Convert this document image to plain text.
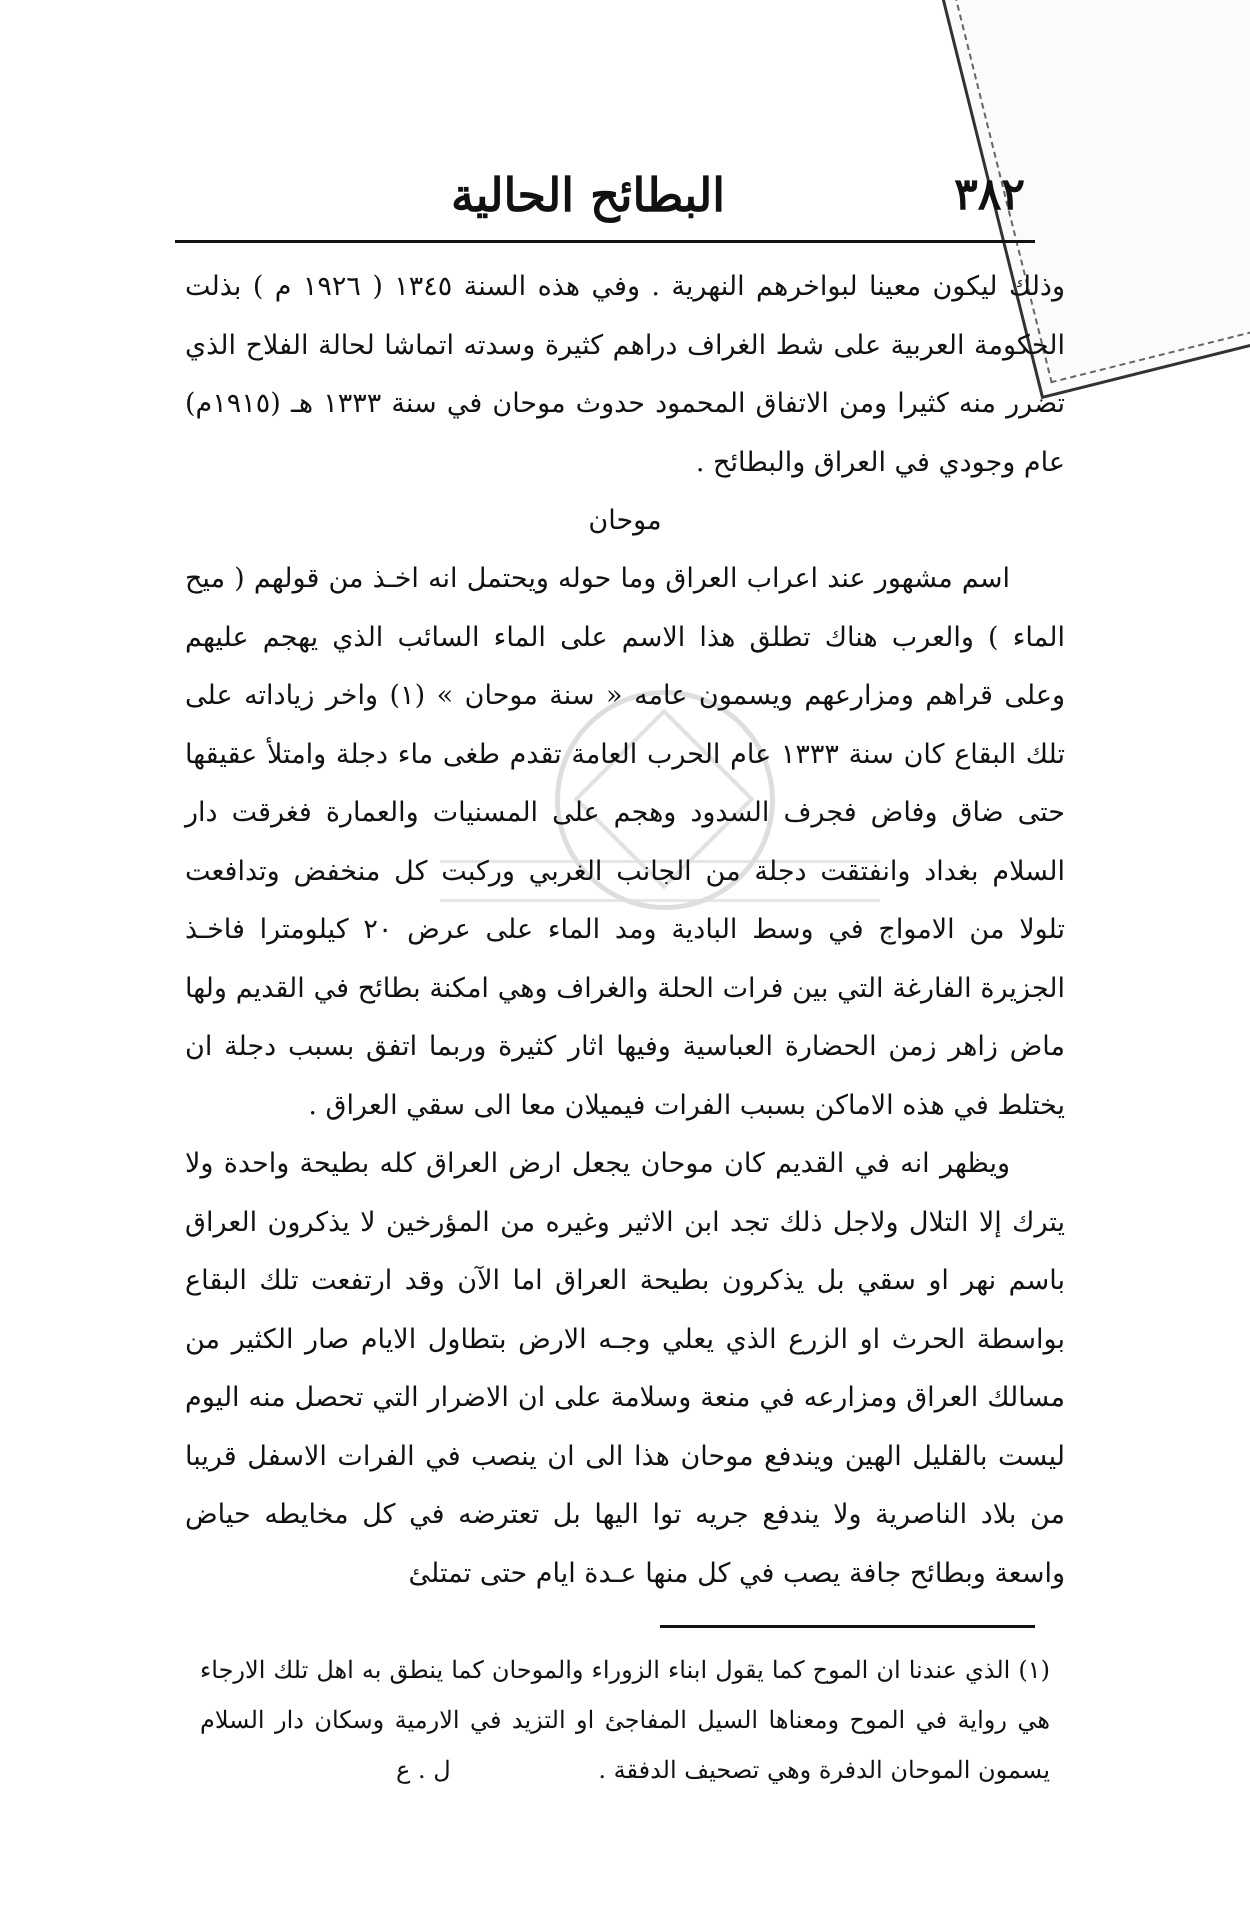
٣٨٢
البطائح الحالية

وذلك ليكون معينا لبواخرهم النهرية . وفي هذه السنة ١٣٤٥ ( ١٩٢٦ م ) بذلت الحكومة العربية على شط الغراف دراهم كثيرة وسدته اتماشا لحالة الفلاح الذي تضرر منه كثيرا ومن الاتفاق المحمود حدوث موحان في سنة ١٣٣٣ هـ (١٩١٥م) عام وجودي في العراق والبطائح .

موحان

اسم مشهور عند اعراب العراق وما حوله ويحتمل انه اخـذ من قولهم ( ميح الماء ) والعرب هناك تطلق هذا الاسم على الماء السائب الذي يهجم عليهم وعلى قراهم ومزارعهم ويسمون عامه « سنة موحان » (١) واخر زياداته على تلك البقاع كان سنة ١٣٣٣ عام الحرب العامة تقدم طغى ماء دجلة وامتلأ عقيقها حتى ضاق وفاض فجرف السدود وهجم على المسنيات والعمارة فغرقت دار السلام بغداد وانفتقت دجلة من الجانب الغربي وركبت كل منخفض وتدافعت تلولا من الامواج في وسط البادية ومد الماء على عرض ٢٠ كيلومترا فاخـذ الجزيرة الفارغة التي بين فرات الحلة والغراف وهي امكنة بطائح في القديم ولها ماض زاهر زمن الحضارة العباسية وفيها اثار كثيرة وربما اتفق بسبب دجلة ان يختلط في هذه الاماكن بسبب الفرات فيميلان معا الى سقي العراق .

ويظهر انه في القديم كان موحان يجعل ارض العراق كله بطيحة واحدة ولا يترك إلا التلال ولاجل ذلك تجد ابن الاثير وغيره من المؤرخين لا يذكرون العراق باسم نهر او سقي بل يذكرون بطيحة العراق اما الآن وقد ارتفعت تلك البقاع بواسطة الحرث او الزرع الذي يعلي وجـه الارض بتطاول الايام صار الكثير من مسالك العراق ومزارعه في منعة وسلامة على ان الاضرار التي تحصل منه اليوم ليست بالقليل الهين ويندفع موحان هذا الى ان ينصب في الفرات الاسفل قريبا من بلاد الناصرية ولا يندفع جريه توا اليها بل تعترضه في كل مخايطه حياض واسعة وبطائح جافة يصب في كل منها عـدة ايام حتى تمتلئ

(١) الذي عندنا ان الموح كما يقول ابناء الزوراء والموحان كما ينطق به اهل تلك الارجاء هي رواية في الموح ومعناها السيل المفاجئ او التزيد في الارمية وسكان دار السلام يسمون الموحان الدفرة وهي تصحيف الدفقة . ل . ع
